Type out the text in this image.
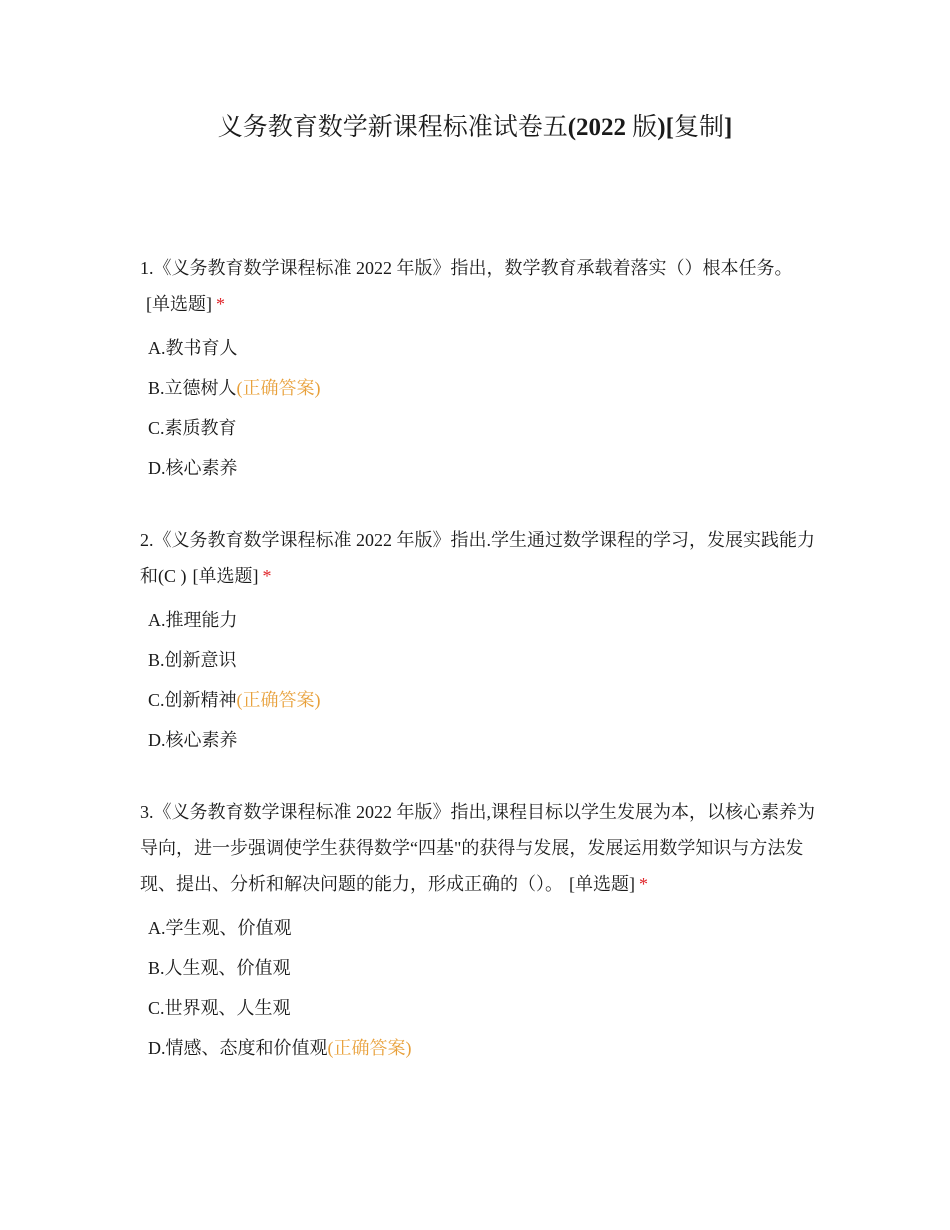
义务教育数学新课程标准试卷五(2022 版)[复制]

1.《义务教育数学课程标准 2022 年版》指出，数学教育承载着落实（）根本任务。[单选题] *

A.教书育人
B.立德树人(正确答案)
C.素质教育
D.核心素养

2.《义务教育数学课程标准 2022 年版》指出.学生通过数学课程的学习，发展实践能力和(C ) [单选题] *

A.推理能力
B.创新意识
C.创新精神(正确答案)
D.核心素养

3.《义务教育数学课程标准 2022 年版》指出,课程目标以学生发展为本，以核心素养为导向，进一步强调使学生获得数学“四基"的获得与发展，发展运用数学知识与方法发现、提出、分析和解决问题的能力，形成正确的（）。 [单选题] *

A.学生观、价值观
B.人生观、价值观
C.世界观、人生观
D.情感、态度和价值观(正确答案)
